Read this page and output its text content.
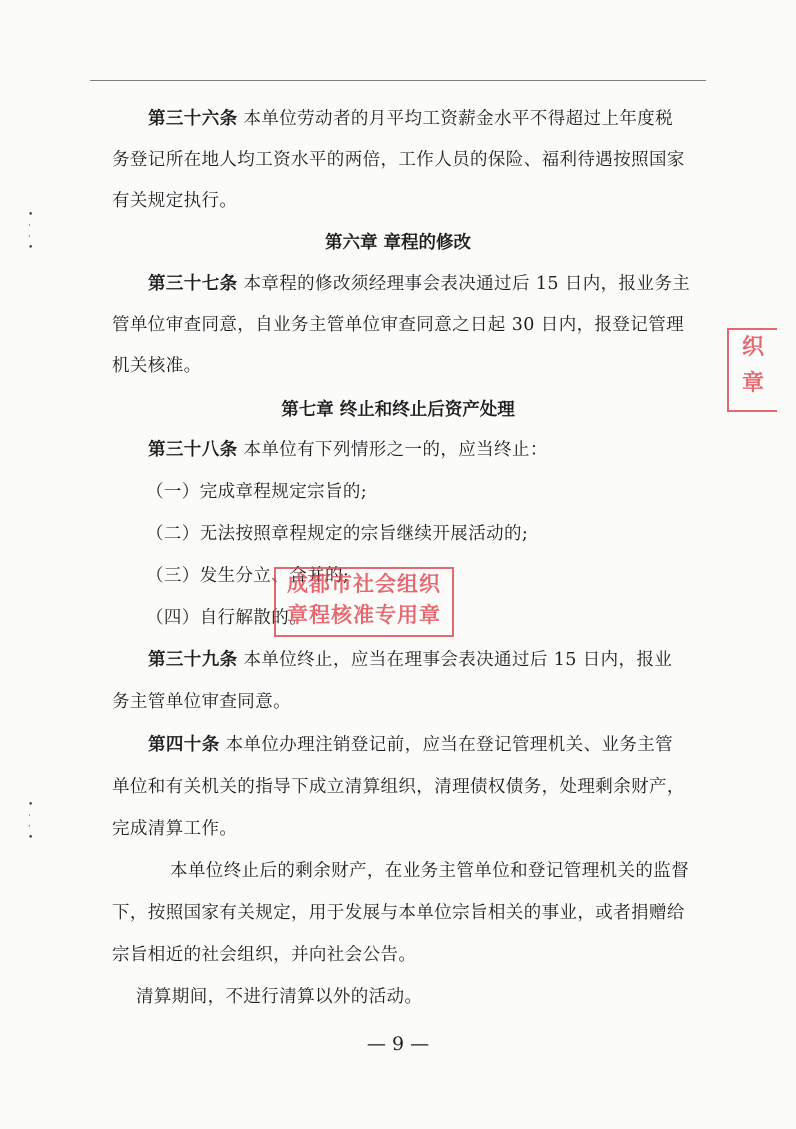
第三十六条 本单位劳动者的月平均工资薪金水平不得超过上年度税

务登记所在地人均工资水平的两倍，工作人员的保险、福利待遇按照国家

有关规定执行。

第六章 章程的修改

第三十七条 本章程的修改须经理事会表决通过后 15 日内，报业务主

管单位审查同意，自业务主管单位审查同意之日起 30 日内，报登记管理

机关核准。

第七章 终止和终止后资产处理

第三十八条 本单位有下列情形之一的，应当终止：

（一）完成章程规定宗旨的;

（二）无法按照章程规定的宗旨继续开展活动的;

（三）发生分立、合并的;

（四）自行解散的。

第三十九条 本单位终止，应当在理事会表决通过后 15 日内，报业

务主管单位审查同意。

第四十条 本单位办理注销登记前，应当在登记管理机关、业务主管

单位和有关机关的指导下成立清算组织，清理债权债务，处理剩余财产，

完成清算工作。

本单位终止后的剩余财产，在业务主管单位和登记管理机关的监督

下，按照国家有关规定，用于发展与本单位宗旨相关的事业，或者捐赠给

宗旨相近的社会组织，并向社会公告。

清算期间，不进行清算以外的活动。

— 9 —
成都市社会组织
章程核准专用章
织
章
•
·
·
•
•
·
·
•
